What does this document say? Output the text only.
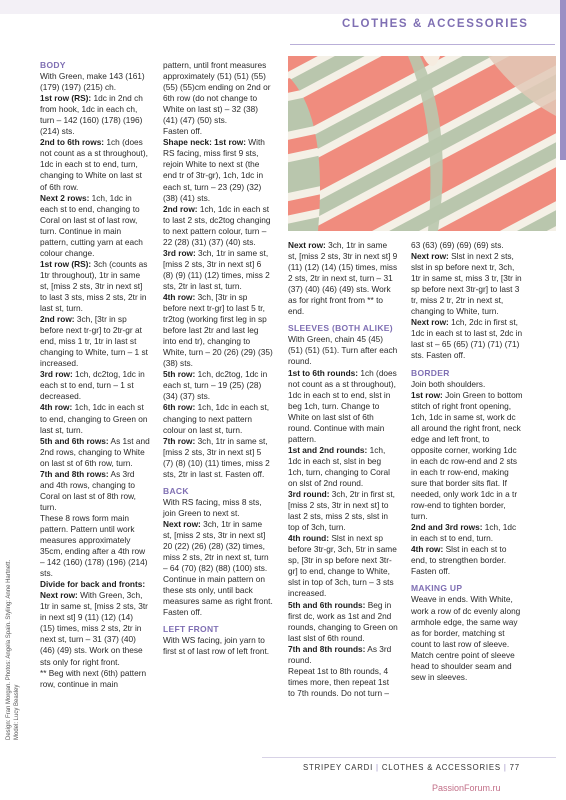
CLOTHES & ACCESSORIES

BODY

With Green, make 143 (161) (179) (197) (215) ch.

1st row (RS): 1dc in 2nd ch from hook, 1dc in each ch, turn – 142 (160) (178) (196) (214) sts.

2nd to 6th rows: 1ch (does not count as a st throughout), 1dc in each st to end, turn, changing to White on last st of 6th row.

Next 2 rows: 1ch, 1dc in each st to end, changing to Coral on last st of last row, turn. Continue in main pattern, cutting yarn at each colour change.

1st row (RS): 3ch (counts as 1tr throughout), 1tr in same st, [miss 2 sts, 3tr in next st] to last 3 sts, miss 2 sts, 2tr in last st, turn.

2nd row: 3ch, [3tr in sp before next tr-gr] to 2tr-gr at end, miss 1 tr, 1tr in last st changing to White, turn – 1 st increased.

3rd row: 1ch, dc2tog, 1dc in each st to end, turn – 1 st decreased.

4th row: 1ch, 1dc in each st to end, changing to Green on last st, turn.

5th and 6th rows: As 1st and 2nd rows, changing to White on last st of 6th row, turn.

7th and 8th rows: As 3rd and 4th rows, changing to Coral on last st of 8th row, turn.

These 8 rows form main pattern. Pattern until work measures approximately 35cm, ending after a 4th row – 142 (160) (178) (196) (214) sts.

Divide for back and fronts:

Next row: With Green, 3ch, 1tr in same st, [miss 2 sts, 3tr in next st] 9 (11) (12) (14) (15) times, miss 2 sts, 2tr in next st, turn – 31 (37) (40) (46) (49) sts. Work on these sts only for right front.

** Beg with next (6th) pattern row, continue in main

pattern, until front measures approximately (51) (51) (55) (55) (55)cm ending on 2nd or 6th row (do not change to White on last st) – 32 (38) (41) (47) (50) sts.

Fasten off.

Shape neck: 1st row: With RS facing, miss first 9 sts, rejoin White to next st (the end tr of 3tr-gr), 1ch, 1dc in each st, turn – 23 (29) (32) (38) (41) sts.

2nd row: 1ch, 1dc in each st to last 2 sts, dc2tog changing to next pattern colour, turn – 22 (28) (31) (37) (40) sts.

3rd row: 3ch, 1tr in same st, [miss 2 sts, 3tr in next st] 6 (8) (9) (11) (12) times, miss 2 sts, 2tr in last st, turn.

4th row: 3ch, [3tr in sp before next tr-gr] to last 5 tr, tr2tog (working first leg in sp before last 2tr and last leg into end tr), changing to White, turn – 20 (26) (29) (35) (38) sts.

5th row: 1ch, dc2tog, 1dc in each st, turn – 19 (25) (28) (34) (37) sts.

6th row: 1ch, 1dc in each st, changing to next pattern colour on last st, turn.

7th row: 3ch, 1tr in same st, [miss 2 sts, 3tr in next st] 5 (7) (8) (10) (11) times, miss 2 sts, 2tr in last st. Fasten off.

BACK

With RS facing, miss 8 sts, join Green to next st.

Next row: 3ch, 1tr in same st, [miss 2 sts, 3tr in next st] 20 (22) (26) (28) (32) times, miss 2 sts, 2tr in next st, turn – 64 (70) (82) (88) (100) sts. Continue in main pattern on these sts only, until back measures same as right front. Fasten off.

LEFT FRONT

With WS facing, join yarn to first st of last row of left front.

Next row: 3ch, 1tr in same st, [miss 2 sts, 3tr in next st] 9 (11) (12) (14) (15) times, miss 2 sts, 2tr in next st, turn – 31 (37) (40) (46) (49) sts. Work as for right front from ** to end.

SLEEVES (BOTH ALIKE)

With Green, chain 45 (45) (51) (51) (51). Turn after each round.

1st to 6th rounds: 1ch (does not count as a st throughout), 1dc in each st to end, slst in beg 1ch, turn. Change to White on last slst of 6th round. Continue with main pattern.

1st and 2nd rounds: 1ch, 1dc in each st, slst in beg 1ch, turn, changing to Coral on slst of 2nd round.

3rd round: 3ch, 2tr in first st, [miss 2 sts, 3tr in next st] to last 2 sts, miss 2 sts, slst in top of 3ch, turn.

4th round: Slst in next sp before 3tr-gr, 3ch, 5tr in same sp, [3tr in sp before next 3tr-gr] to end, change to White, slst in top of 3ch, turn – 3 sts increased.

5th and 6th rounds: Beg in first dc, work as 1st and 2nd rounds, changing to Green on last slst of 6th round.

7th and 8th rounds: As 3rd round.

Repeat 1st to 8th rounds, 4 times more, then repeat 1st to 7th rounds. Do not turn –

63 (63) (69) (69) (69) sts.

Next row: Slst in next 2 sts, slst in sp before next tr, 3ch, 1tr in same st, miss 3 tr, [3tr in sp before next 3tr-gr] to last 3 tr, miss 2 tr, 2tr in next st, changing to White, turn.

Next row: 1ch, 2dc in first st, 1dc in each st to last st, 2dc in last st – 65 (65) (71) (71) (71) sts. Fasten off.

BORDER

Join both shoulders.

1st row: Join Green to bottom stitch of right front opening, 1ch, 1dc in same st, work dc all around the right front, neck edge and left front, to opposite corner, working 1dc in each dc row-end and 2 sts in each tr row-end, making sure that border sits flat. If needed, only work 1dc in a tr row-end to tighten border, turn.

2nd and 3rd rows: 1ch, 1dc in each st to end, turn.

4th row: Slst in each st to end, to strengthen border. Fasten off.

MAKING UP

Weave in ends. With White, work a row of dc evenly along armhole edge, the same way as for border, matching st count to last row of sleeve. Match centre point of sleeve head to shoulder seam and sew in sleeves.

Design: Fran Morgan. Photos: Angela Spain. Styling: Anne Hartnett. Model: Lucy Beasley
STRIPEY CARDI | CLOTHES & ACCESSORIES | 77
PassionForum.ru
